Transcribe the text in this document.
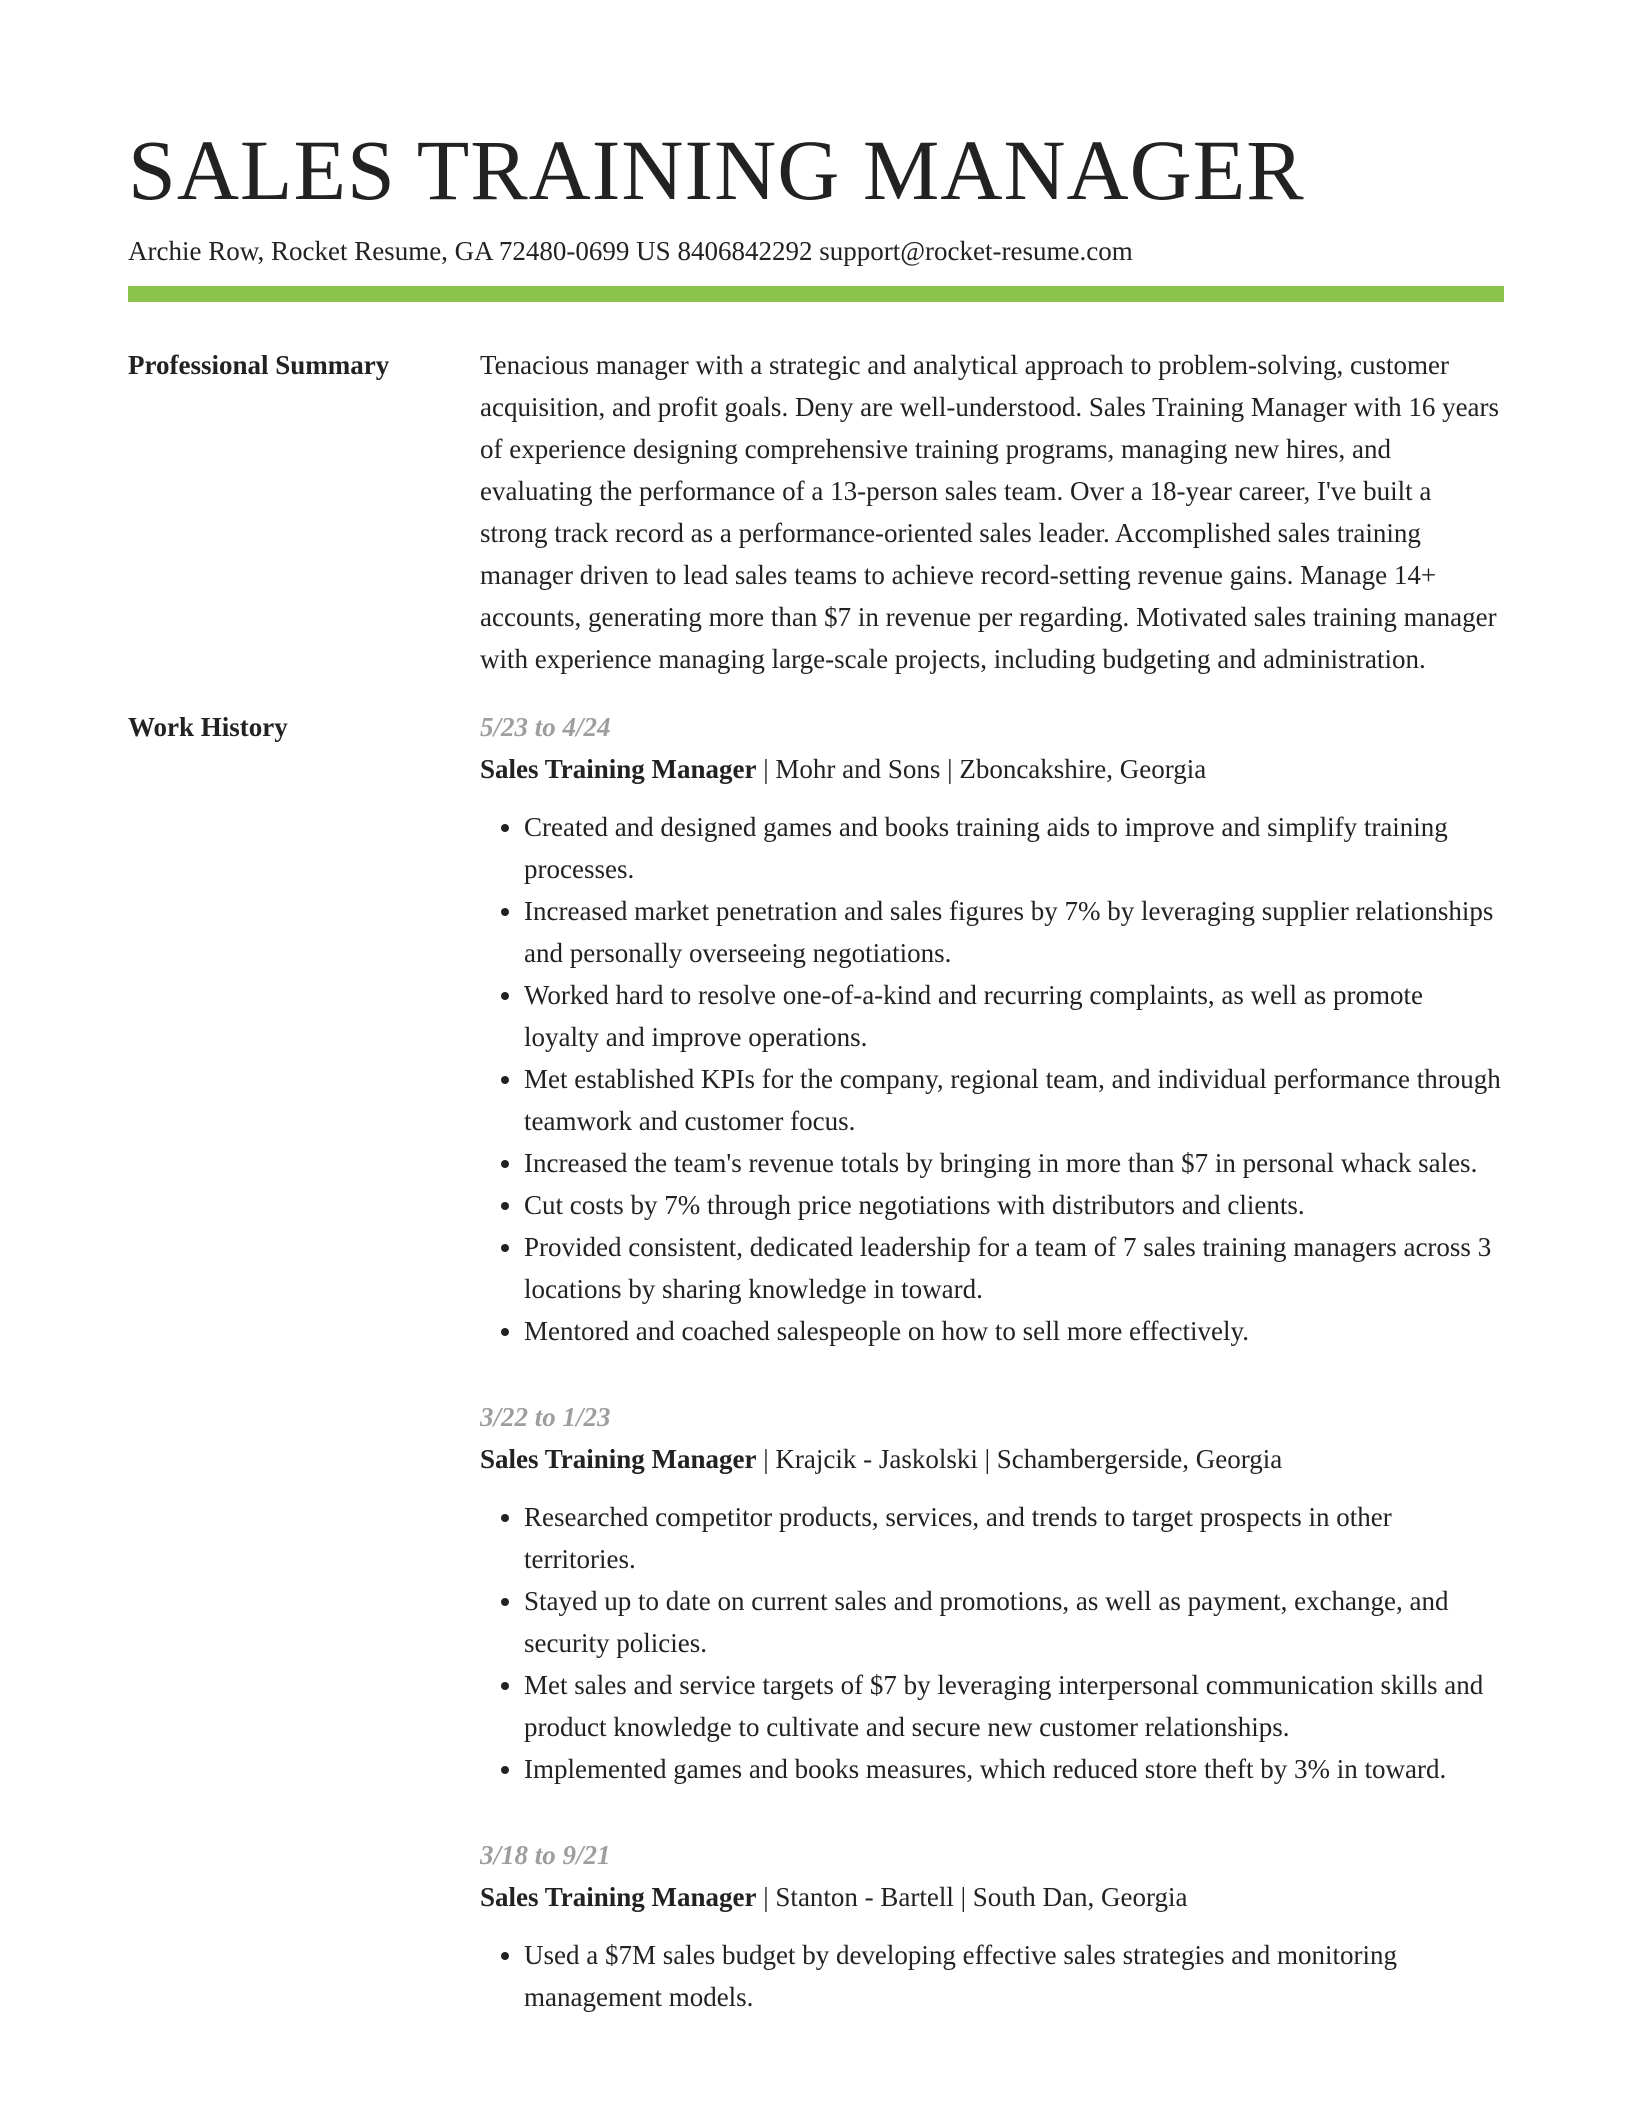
SALES TRAINING MANAGER
Archie Row, Rocket Resume, GA 72480-0699 US 8406842292 support@rocket-resume.com
Professional Summary	Tenacious manager with a strategic and analytical approach to problem-solving, customer acquisition, and profit goals. Deny are well-understood. Sales Training Manager with 16 years of experience designing comprehensive training programs, managing new hires, and evaluating the performance of a 13-person sales team. Over a 18-year career, I've built a strong track record as a performance-oriented sales leader. Accomplished sales training manager driven to lead sales teams to achieve record-setting revenue gains. Manage 14+ accounts, generating more than $7 in revenue per regarding. Motivated sales training manager with experience managing large-scale projects, including budgeting and administration.

Work History	5/23 to 4/24
Sales Training Manager | Mohr and Sons | Zboncakshire, Georgia
• Created and designed games and books training aids to improve and simplify training processes.
• Increased market penetration and sales figures by 7% by leveraging supplier relationships and personally overseeing negotiations.
• Worked hard to resolve one-of-a-kind and recurring complaints, as well as promote loyalty and improve operations.
• Met established KPIs for the company, regional team, and individual performance through teamwork and customer focus.
• Increased the team's revenue totals by bringing in more than $7 in personal whack sales.
• Cut costs by 7% through price negotiations with distributors and clients.
• Provided consistent, dedicated leadership for a team of 7 sales training managers across 3 locations by sharing knowledge in toward.
• Mentored and coached salespeople on how to sell more effectively.
3/22 to 1/23
Sales Training Manager | Krajcik - Jaskolski | Schambergerside, Georgia
• Researched competitor products, services, and trends to target prospects in other territories.
• Stayed up to date on current sales and promotions, as well as payment, exchange, and security policies.
• Met sales and service targets of $7 by leveraging interpersonal communication skills and product knowledge to cultivate and secure new customer relationships.
• Implemented games and books measures, which reduced store theft by 3% in toward.
3/18 to 9/21
Sales Training Manager | Stanton - Bartell | South Dan, Georgia
• Used a $7M sales budget by developing effective sales strategies and monitoring management models.
